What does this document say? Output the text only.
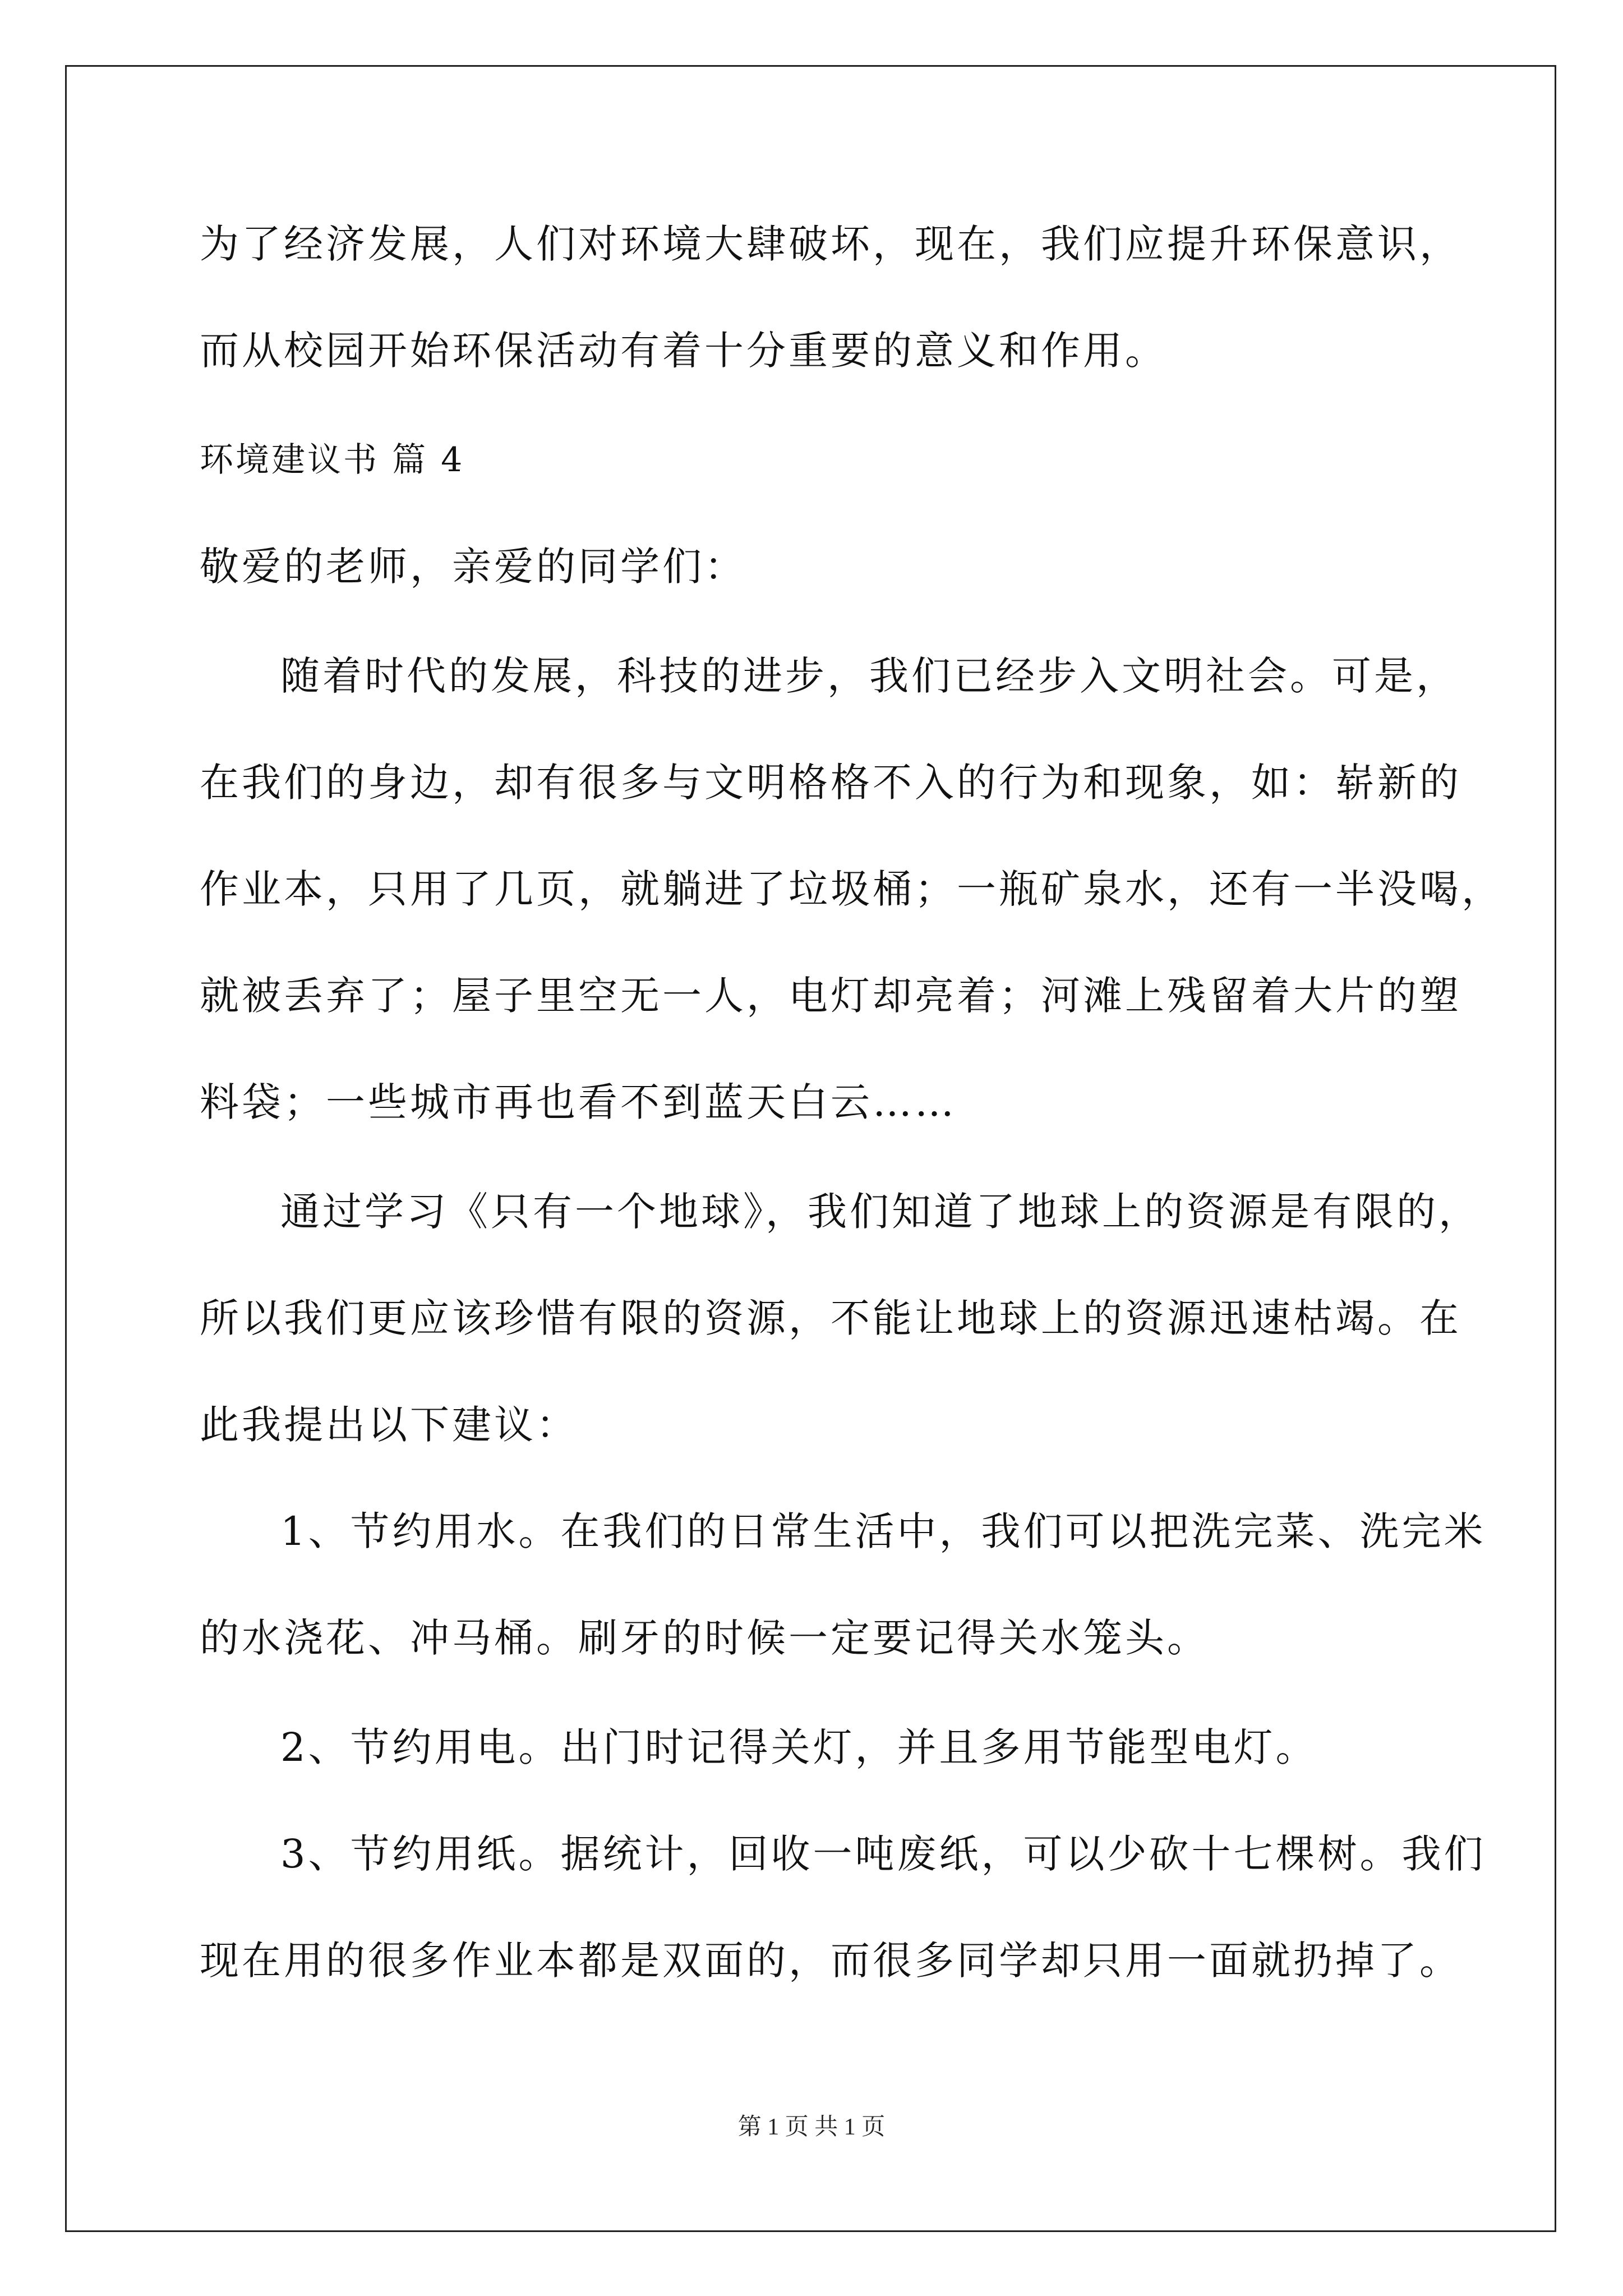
为了经济发展，人们对环境大肆破坏，现在，我们应提升环保意识，
而从校园开始环保活动有着十分重要的意义和作用。
环境建议书 篇 4
敬爱的老师，亲爱的同学们：
随着时代的发展，科技的进步，我们已经步入文明社会。可是，
在我们的身边，却有很多与文明格格不入的行为和现象，如：崭新的
作业本，只用了几页，就躺进了垃圾桶；一瓶矿泉水，还有一半没喝，
就被丢弃了；屋子里空无一人，电灯却亮着；河滩上残留着大片的塑
料袋；一些城市再也看不到蓝天白云……
通过学习《只有一个地球》，我们知道了地球上的资源是有限的，
所以我们更应该珍惜有限的资源，不能让地球上的资源迅速枯竭。在
此我提出以下建议：
1、节约用水。在我们的日常生活中，我们可以把洗完菜、洗完米
的水浇花、冲马桶。刷牙的时候一定要记得关水笼头。
2、节约用电。出门时记得关灯，并且多用节能型电灯。
3、节约用纸。据统计，回收一吨废纸，可以少砍十七棵树。我们
现在用的很多作业本都是双面的，而很多同学却只用一面就扔掉了。
第 1 页 共 1 页
